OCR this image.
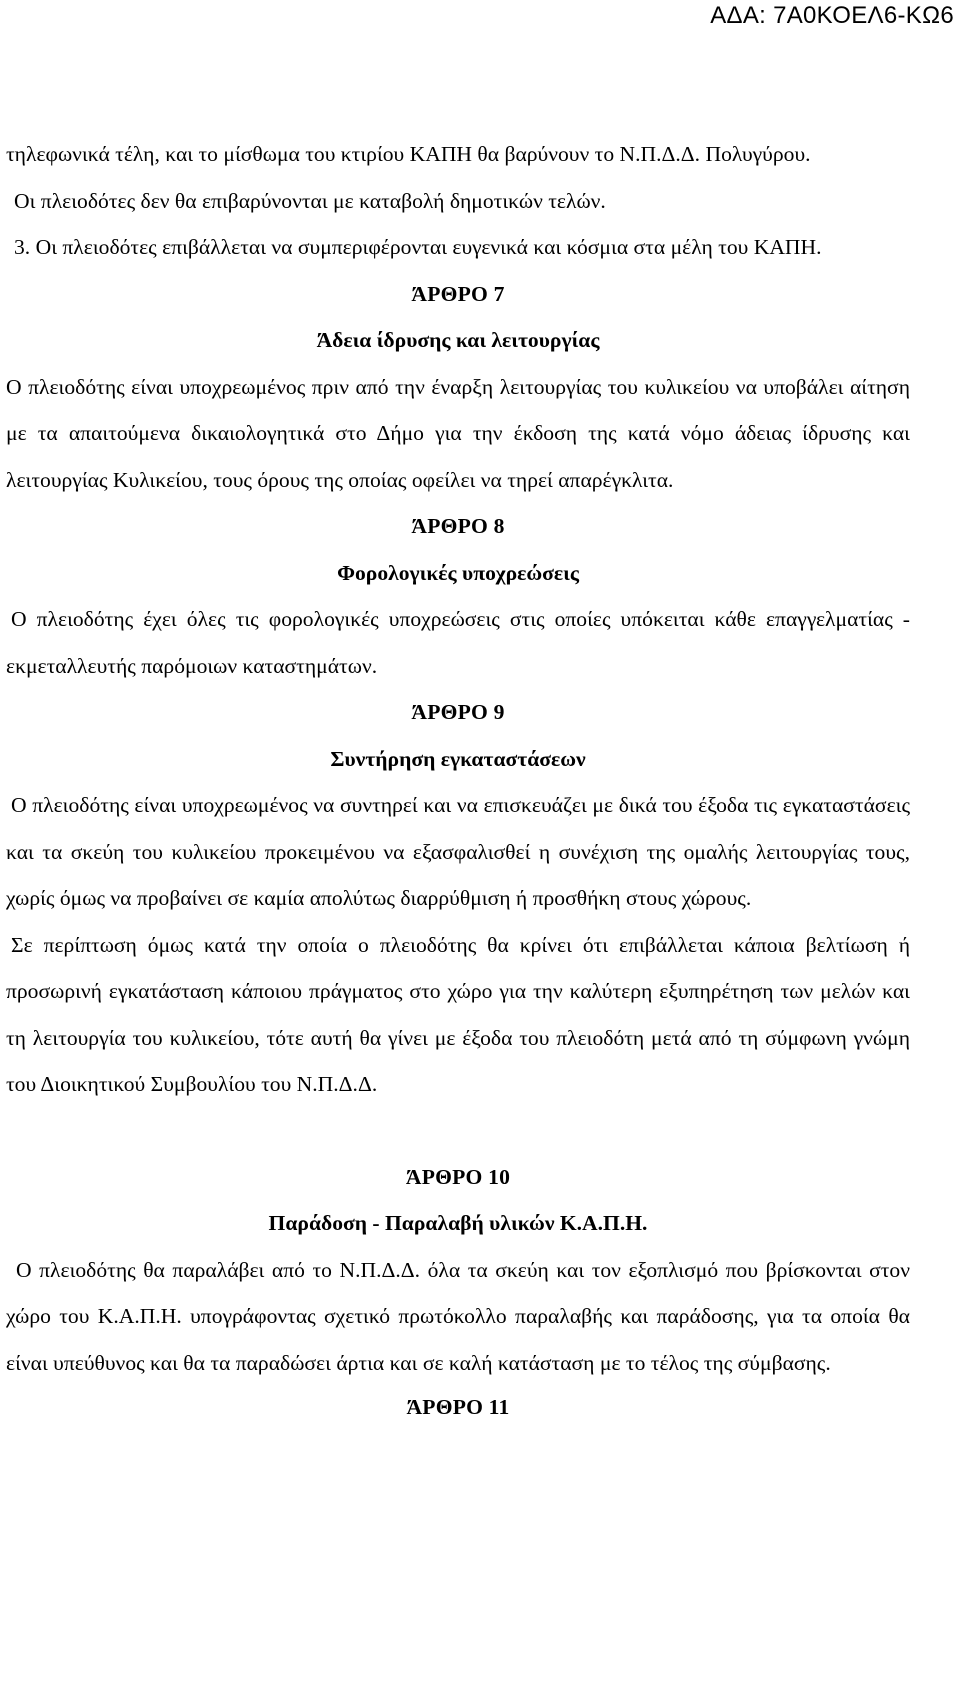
ΑΔΑ: 7Α0ΚΟΕΛ6-ΚΩ6

τηλεφωνικά τέλη, και το μίσθωμα του κτιρίου ΚΑΠΗ θα βαρύνουν το Ν.Π.Δ.Δ. Πολυγύρου.

Οι πλειοδότες δεν θα επιβαρύνονται με καταβολή δημοτικών τελών.

3. Οι πλειοδότες επιβάλλεται να συμπεριφέρονται ευγενικά και κόσμια στα μέλη του ΚΑΠΗ.

ΆΡΘΡΟ 7

Άδεια ίδρυσης και λειτουργίας

Ο πλειοδότης είναι υποχρεωμένος πριν από την έναρξη λειτουργίας του κυλικείου να υποβάλει αίτηση με τα απαιτούμενα δικαιολογητικά στο Δήμο για την έκδοση της κατά νόμο άδειας ίδρυσης και λειτουργίας Κυλικείου, τους όρους της οποίας οφείλει να τηρεί απαρέγκλιτα.

ΆΡΘΡΟ 8

Φορολογικές υποχρεώσεις

Ο πλειοδότης έχει όλες τις φορολογικές υποχρεώσεις στις οποίες υπόκειται κάθε επαγγελματίας - εκμεταλλευτής παρόμοιων καταστημάτων.

ΆΡΘΡΟ 9

Συντήρηση εγκαταστάσεων

Ο πλειοδότης είναι υποχρεωμένος να συντηρεί και να επισκευάζει με δικά του έξοδα τις εγκαταστάσεις και τα σκεύη του κυλικείου προκειμένου να εξασφαλισθεί η συνέχιση της ομαλής λειτουργίας τους, χωρίς όμως να προβαίνει σε καμία απολύτως διαρρύθμιση ή προσθήκη στους χώρους.

Σε περίπτωση όμως κατά την οποία ο πλειοδότης θα κρίνει ότι επιβάλλεται κάποια βελτίωση ή προσωρινή εγκατάσταση κάποιου πράγματος στο χώρο για την καλύτερη εξυπηρέτηση των μελών και τη λειτουργία του κυλικείου, τότε αυτή θα γίνει με έξοδα του πλειοδότη μετά από τη σύμφωνη γνώμη του Διοικητικού Συμβουλίου του Ν.Π.Δ.Δ.

ΆΡΘΡΟ 10

Παράδοση - Παραλαβή υλικών Κ.Α.Π.Η.

Ο πλειοδότης θα παραλάβει από το Ν.Π.Δ.Δ. όλα τα σκεύη και τον εξοπλισμό που βρίσκονται στον χώρο του Κ.Α.Π.Η. υπογράφοντας σχετικό πρωτόκολλο παραλαβής και παράδοσης, για τα οποία θα είναι υπεύθυνος και θα τα παραδώσει άρτια και σε καλή κατάσταση με το τέλος της σύμβασης.

ΆΡΘΡΟ 11
